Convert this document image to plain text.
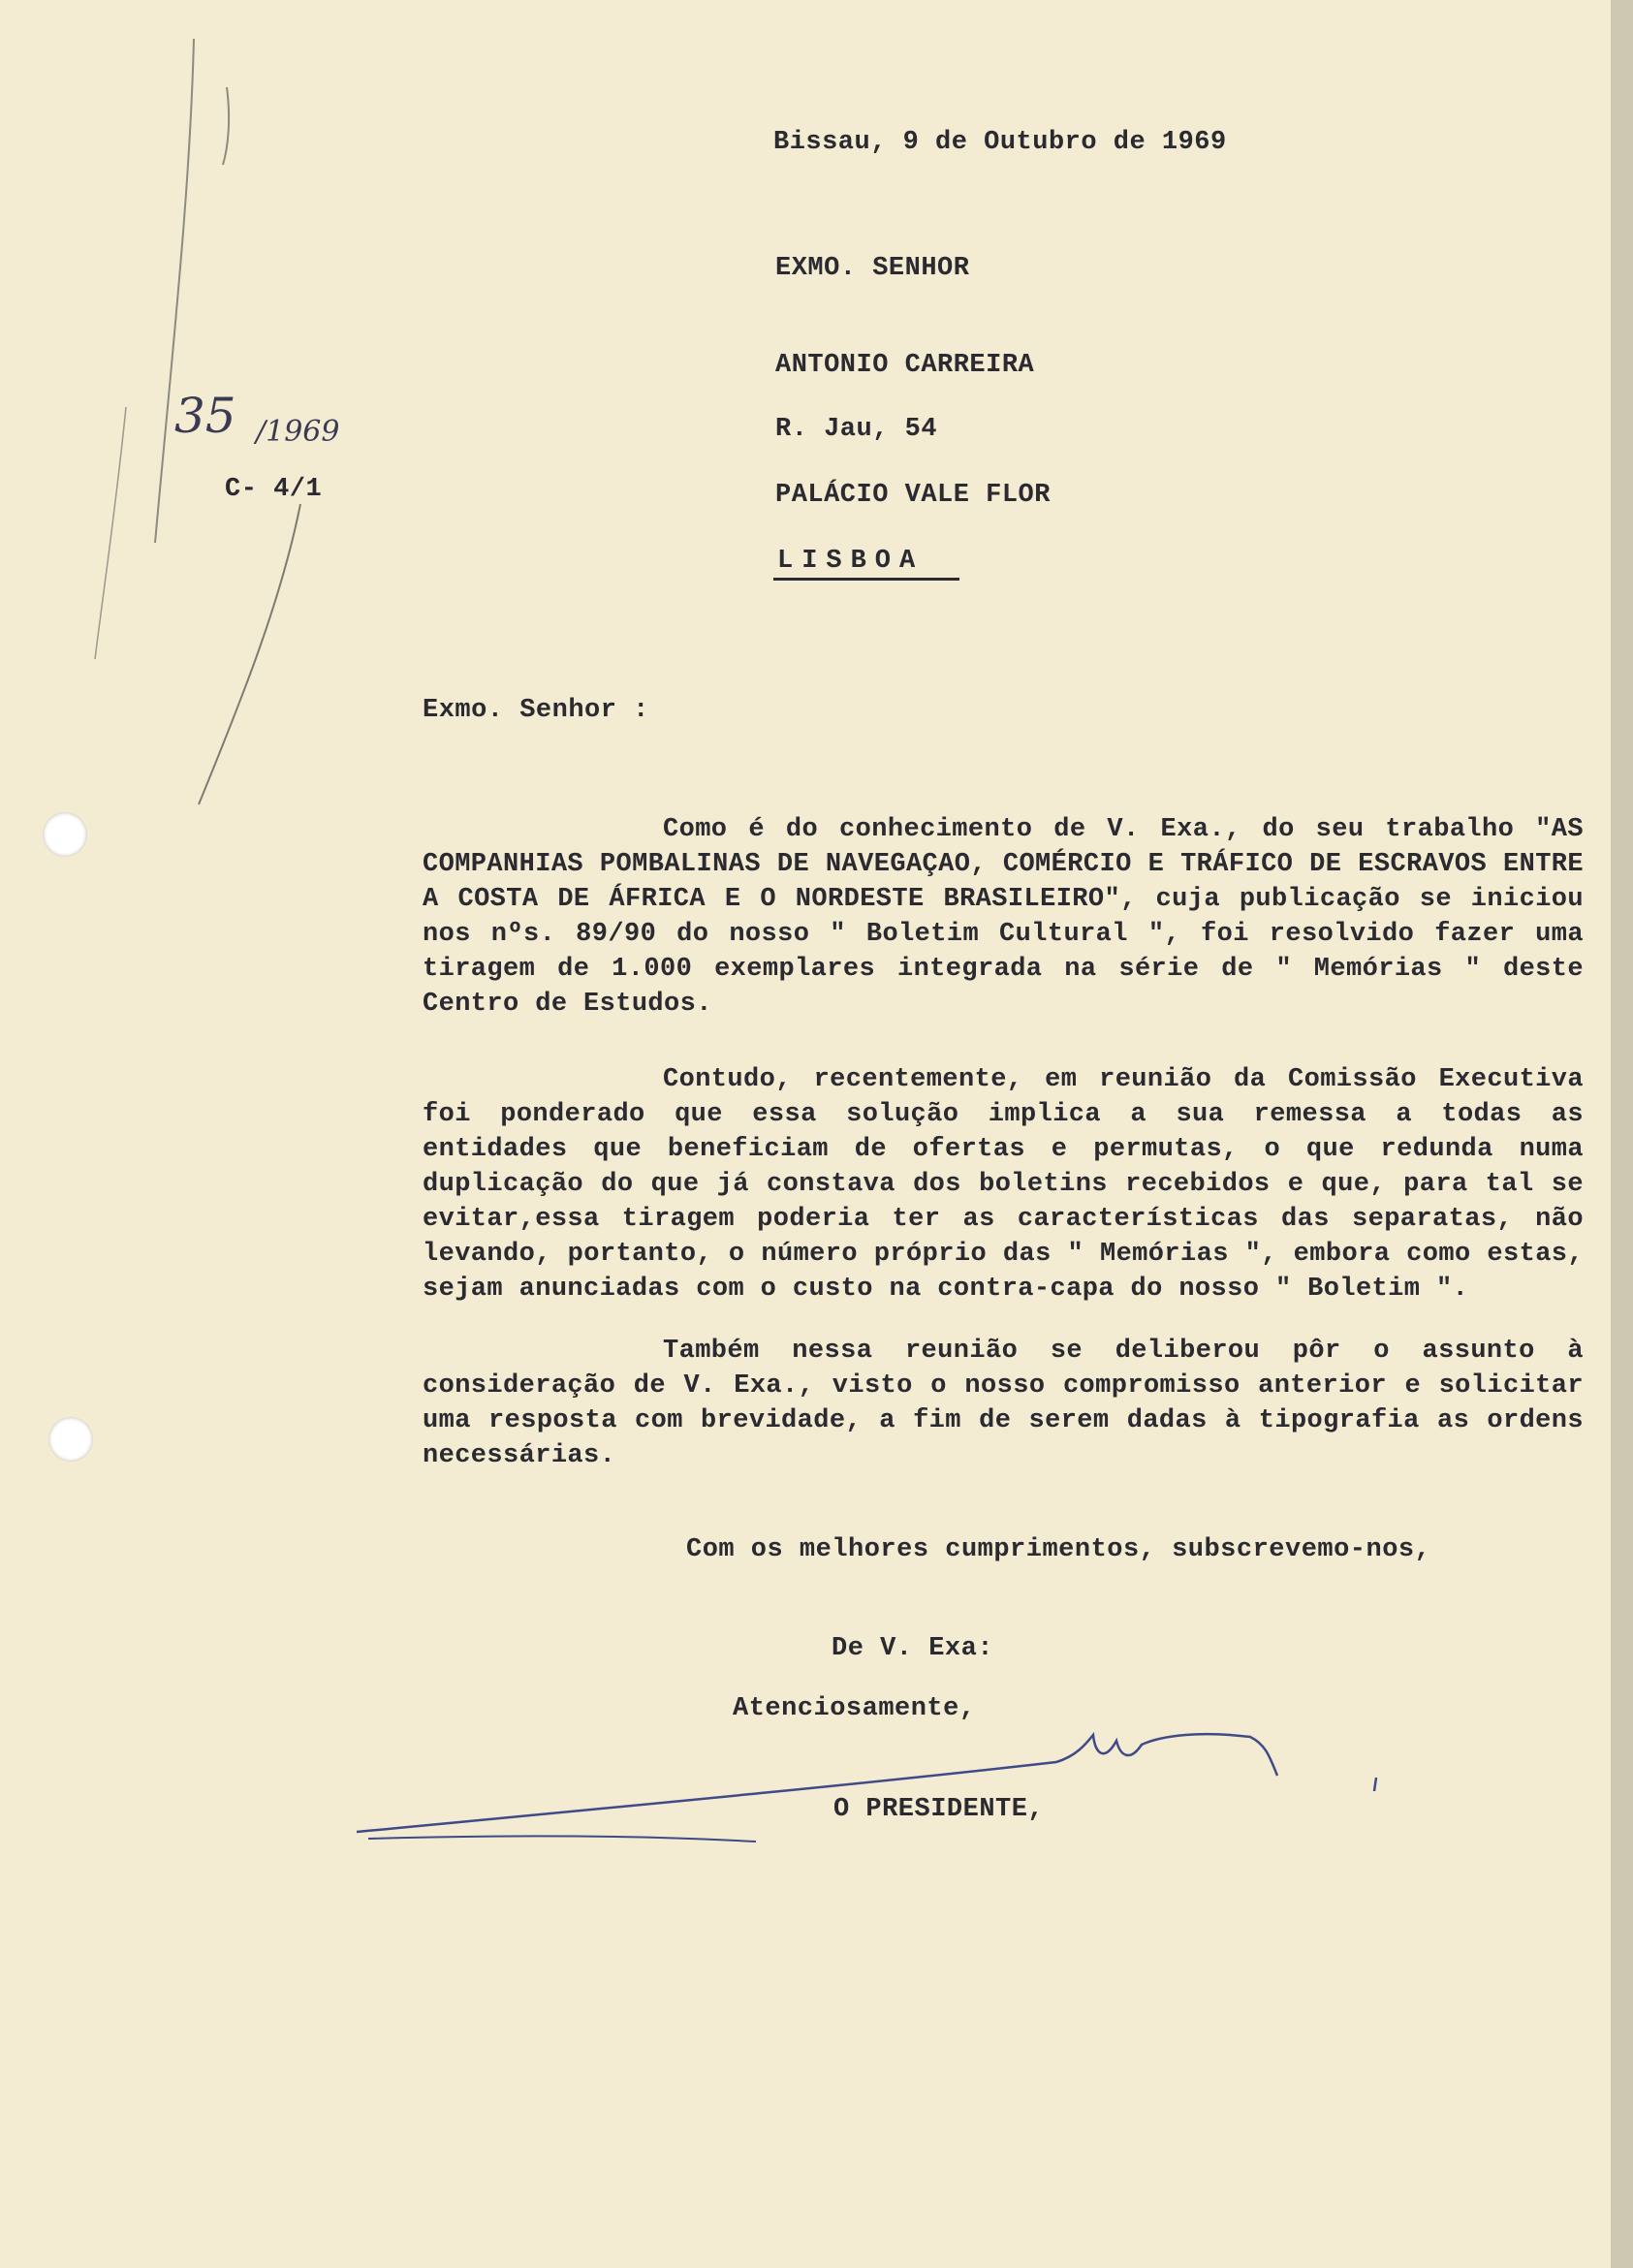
35 /1969
C- 4/1
Bissau, 9 de Outubro de 1969
EXMO. SENHOR
ANTONIO CARREIRA
R. Jau, 54
PALÁCIO VALE FLOR
LISBOA
Exmo. Senhor :

Como é do conhecimento de V. Exa., do seu trabalho "AS COMPANHIAS POMBALINAS DE NAVEGAÇAO, COMÉRCIO E TRÁFICO DE ESCRAVOS ENTRE A COSTA DE ÁFRICA E O NORDESTE BRASILEIRO", cuja publicação se iniciou nos nºs. 89/90 do nosso " Boletim Cultural ", foi resolvido fazer uma tiragem de 1.000 exemplares integrada na série de " Memórias " deste Centro de Estudos.

Contudo, recentemente, em reunião da Comissão Executiva foi ponderado que essa solução implica a sua remessa a todas as entidades que beneficiam de ofertas e permutas, o que redunda numa duplicação do que já constava dos boletins recebidos e que, para tal se evitar,essa tiragem poderia ter as características das separatas, não levando, portanto, o número próprio das " Memórias ", embora como estas, sejam anunciadas com o custo na contra-capa do nosso " Boletim ".

Também nessa reunião se deliberou pôr o assunto à consideração de V. Exa., visto o nosso compromisso anterior e solicitar uma resposta com brevidade, a fim de serem dadas à tipografia as ordens necessárias.

Com os melhores cumprimentos, subscrevemo-nos,
De V. Exa:
Atenciosamente,
O PRESIDENTE,
